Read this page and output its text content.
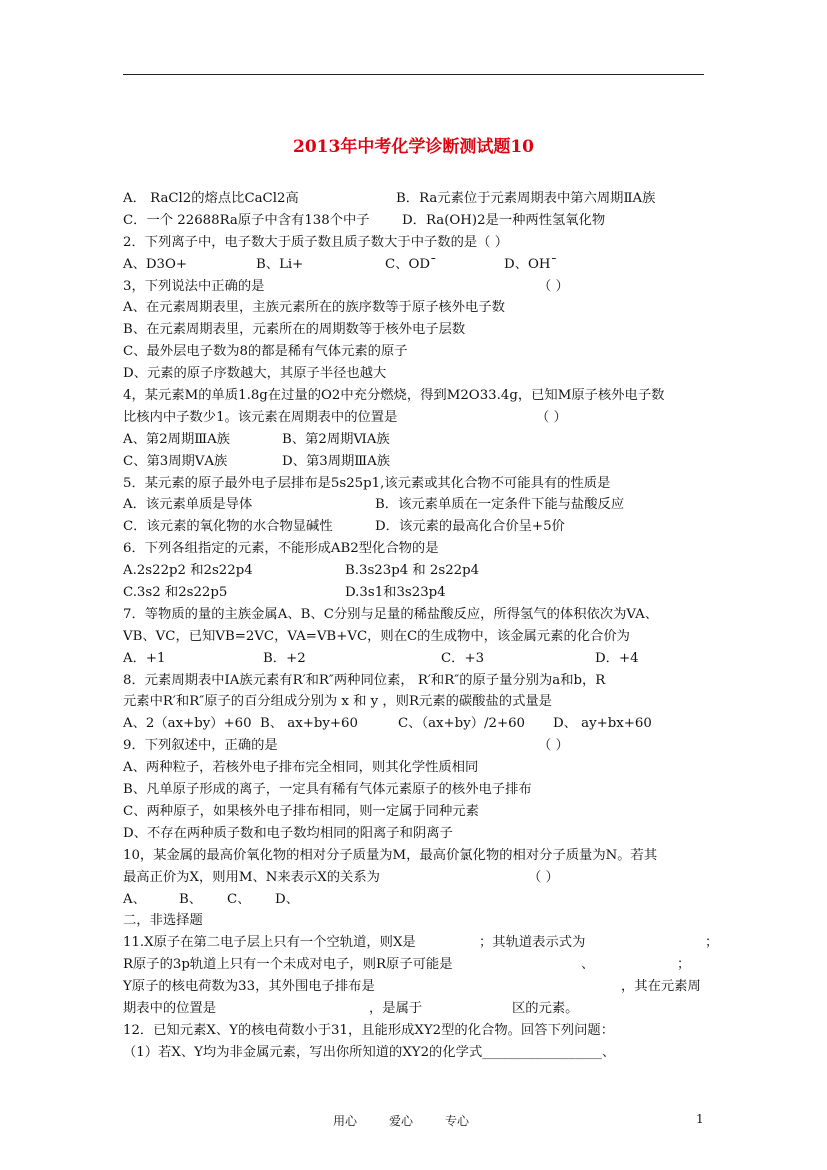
2013年中考化学诊断测试题10
A． RaCl2的熔点比CaCl2高	B．Ra元素位于元素周期表中第六周期ⅡA族
C．一个 22688Ra原子中含有138个中子 D．Ra(OH)2是一种两性氢氧化物
2．下列离子中，电子数大于质子数且质子数大于中子数的是（ ）
A、D3O+	B、Li+	C、OD¯	D、OH¯
3，下列说法中正确的是	（ ）
A、在元素周期表里，主族元素所在的族序数等于原子核外电子数
B、在元素周期表里，元素所在的周期数等于核外电子层数
C、最外层电子数为8的都是稀有气体元素的原子
D、元素的原子序数越大，其原子半径也越大
4，某元素M的单质1.8g在过量的O2中充分燃烧，得到M2O33.4g，已知M原子核外电子数
比核内中子数少1。该元素在周期表中的位置是	（ ）
A、第2周期ⅢA族	B、第2周期ⅥA族
C、第3周期ⅤA族	D、第3周期ⅢA族
5．某元素的原子最外电子层排布是5s25p1,该元素或其化合物不可能具有的性质是
A．该元素单质是导体	B．该元素单质在一定条件下能与盐酸反应
C．该元素的氧化物的水合物显碱性	D．该元素的最高化合价呈+5价
6．下列各组指定的元素，不能形成AB2型化合物的是
A.2s22p2 和2s22p4	B.3s23p4 和 2s22p4
C.3s2 和2s22p5	D.3s1和3s23p4
7．等物质的量的主族金属A、B、C分别与足量的稀盐酸反应，所得氢气的体积依次为VA、
VB、VC，已知VB=2VC，VA=VB+VC，则在C的生成物中，该金属元素的化合价为
A．+1	B．+2	C．+3	D．+4
8．元素周期表中ⅠA族元素有R′和R″两种同位素， R′和R″的原子量分别为a和b，R
元素中R′和R″原子的百分组成分别为 x 和 y ，则R元素的碳酸盐的式量是
A、2（ax+by）+60 B、 ax+by+60	C、（ax+by）/2+60 D、 ay+bx+60
9．下列叙述中，正确的是	（ ）
A、两种粒子，若核外电子排布完全相同，则其化学性质相同
B、凡单原子形成的离子，一定具有稀有气体元素原子的核外电子排布
C、两种原子，如果核外电子排布相同，则一定属于同种元素
D、不存在两种质子数和电子数均相同的阳离子和阴离子
10，某金属的最高价氧化物的相对分子质量为M，最高价氯化物的相对分子质量为N。若其
最高正价为X，则用M、N来表示X的关系为	（ ）
A、 B、 C、 D、
二，非选择题
11.X原子在第二电子层上只有一个空轨道，则X是	；其轨道表示式为	；
R原子的3p轨道上只有一个未成对电子，则R原子可能是	、	；
Y原子的核电荷数为33，其外围电子排布是	，其在元素周
期表中的位置是	，是属于	区的元素。
12．已知元素X、Y的核电荷数小于31，且能形成XY2型的化合物。回答下列问题：
（1）若X、Y均为非金属元素，写出你所知道的XY2的化学式__________________、
用心	爱心	专心	1
